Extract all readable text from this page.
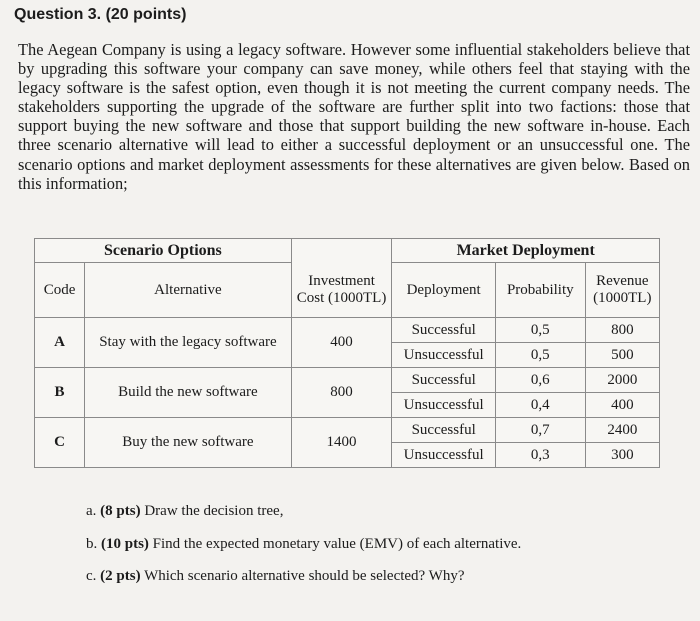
Question 3. (20 points)
The Aegean Company is using a legacy software. However some influential stakeholders believe that by upgrading this software your company can save money, while others feel that staying with the legacy software is the safest option, even though it is not meeting the current company needs. The stakeholders supporting the upgrade of the software are further split into two factions: those that support buying the new software and those that support building the new software in-house. Each three scenario alternative will lead to either a successful deployment or an unsuccessful one. The scenario options and market deployment assessments for these alternatives are given below. Based on this information;
Scenario Options			Market Deployment		
Code	Alternative	Investment Cost (1000TL)	Deployment	Probability	Revenue (1000TL)
A	Stay with the legacy software	400	Successful	0,5	800
			Unsuccessful	0,5	500
B	Build the new software	800	Successful	0,6	2000
			Unsuccessful	0,4	400
C	Buy the new software	1400	Successful	0,7	2400
			Unsuccessful	0,3	300
a. (8 pts) Draw the decision tree,
b. (10 pts) Find the expected monetary value (EMV) of each alternative.
c. (2 pts) Which scenario alternative should be selected? Why?
